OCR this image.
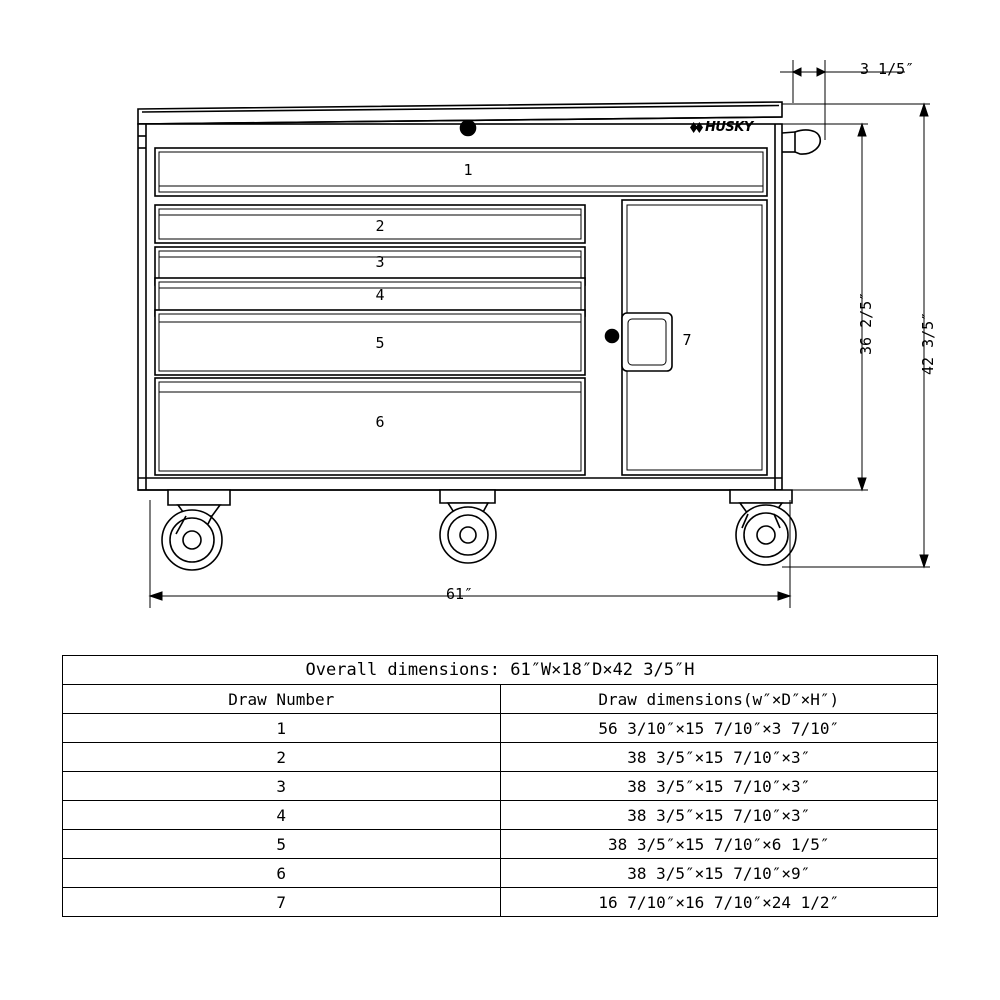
HUSKY
1
2
3
4
5
6
7
3 1/5″
36 2/5″	42 3/5″
61″
Overall dimensions: 61″W×18″D×42 3/5″H	
Draw Number	Draw dimensions(w″×D″×H″)
1	56 3/10″×15 7/10″×3 7/10″
2	38 3/5″×15 7/10″×3″
3	38 3/5″×15 7/10″×3″
4	38 3/5″×15 7/10″×3″
5	38 3/5″×15 7/10″×6 1/5″
6	38 3/5″×15 7/10″×9″
7	16 7/10″×16 7/10″×24 1/2″
